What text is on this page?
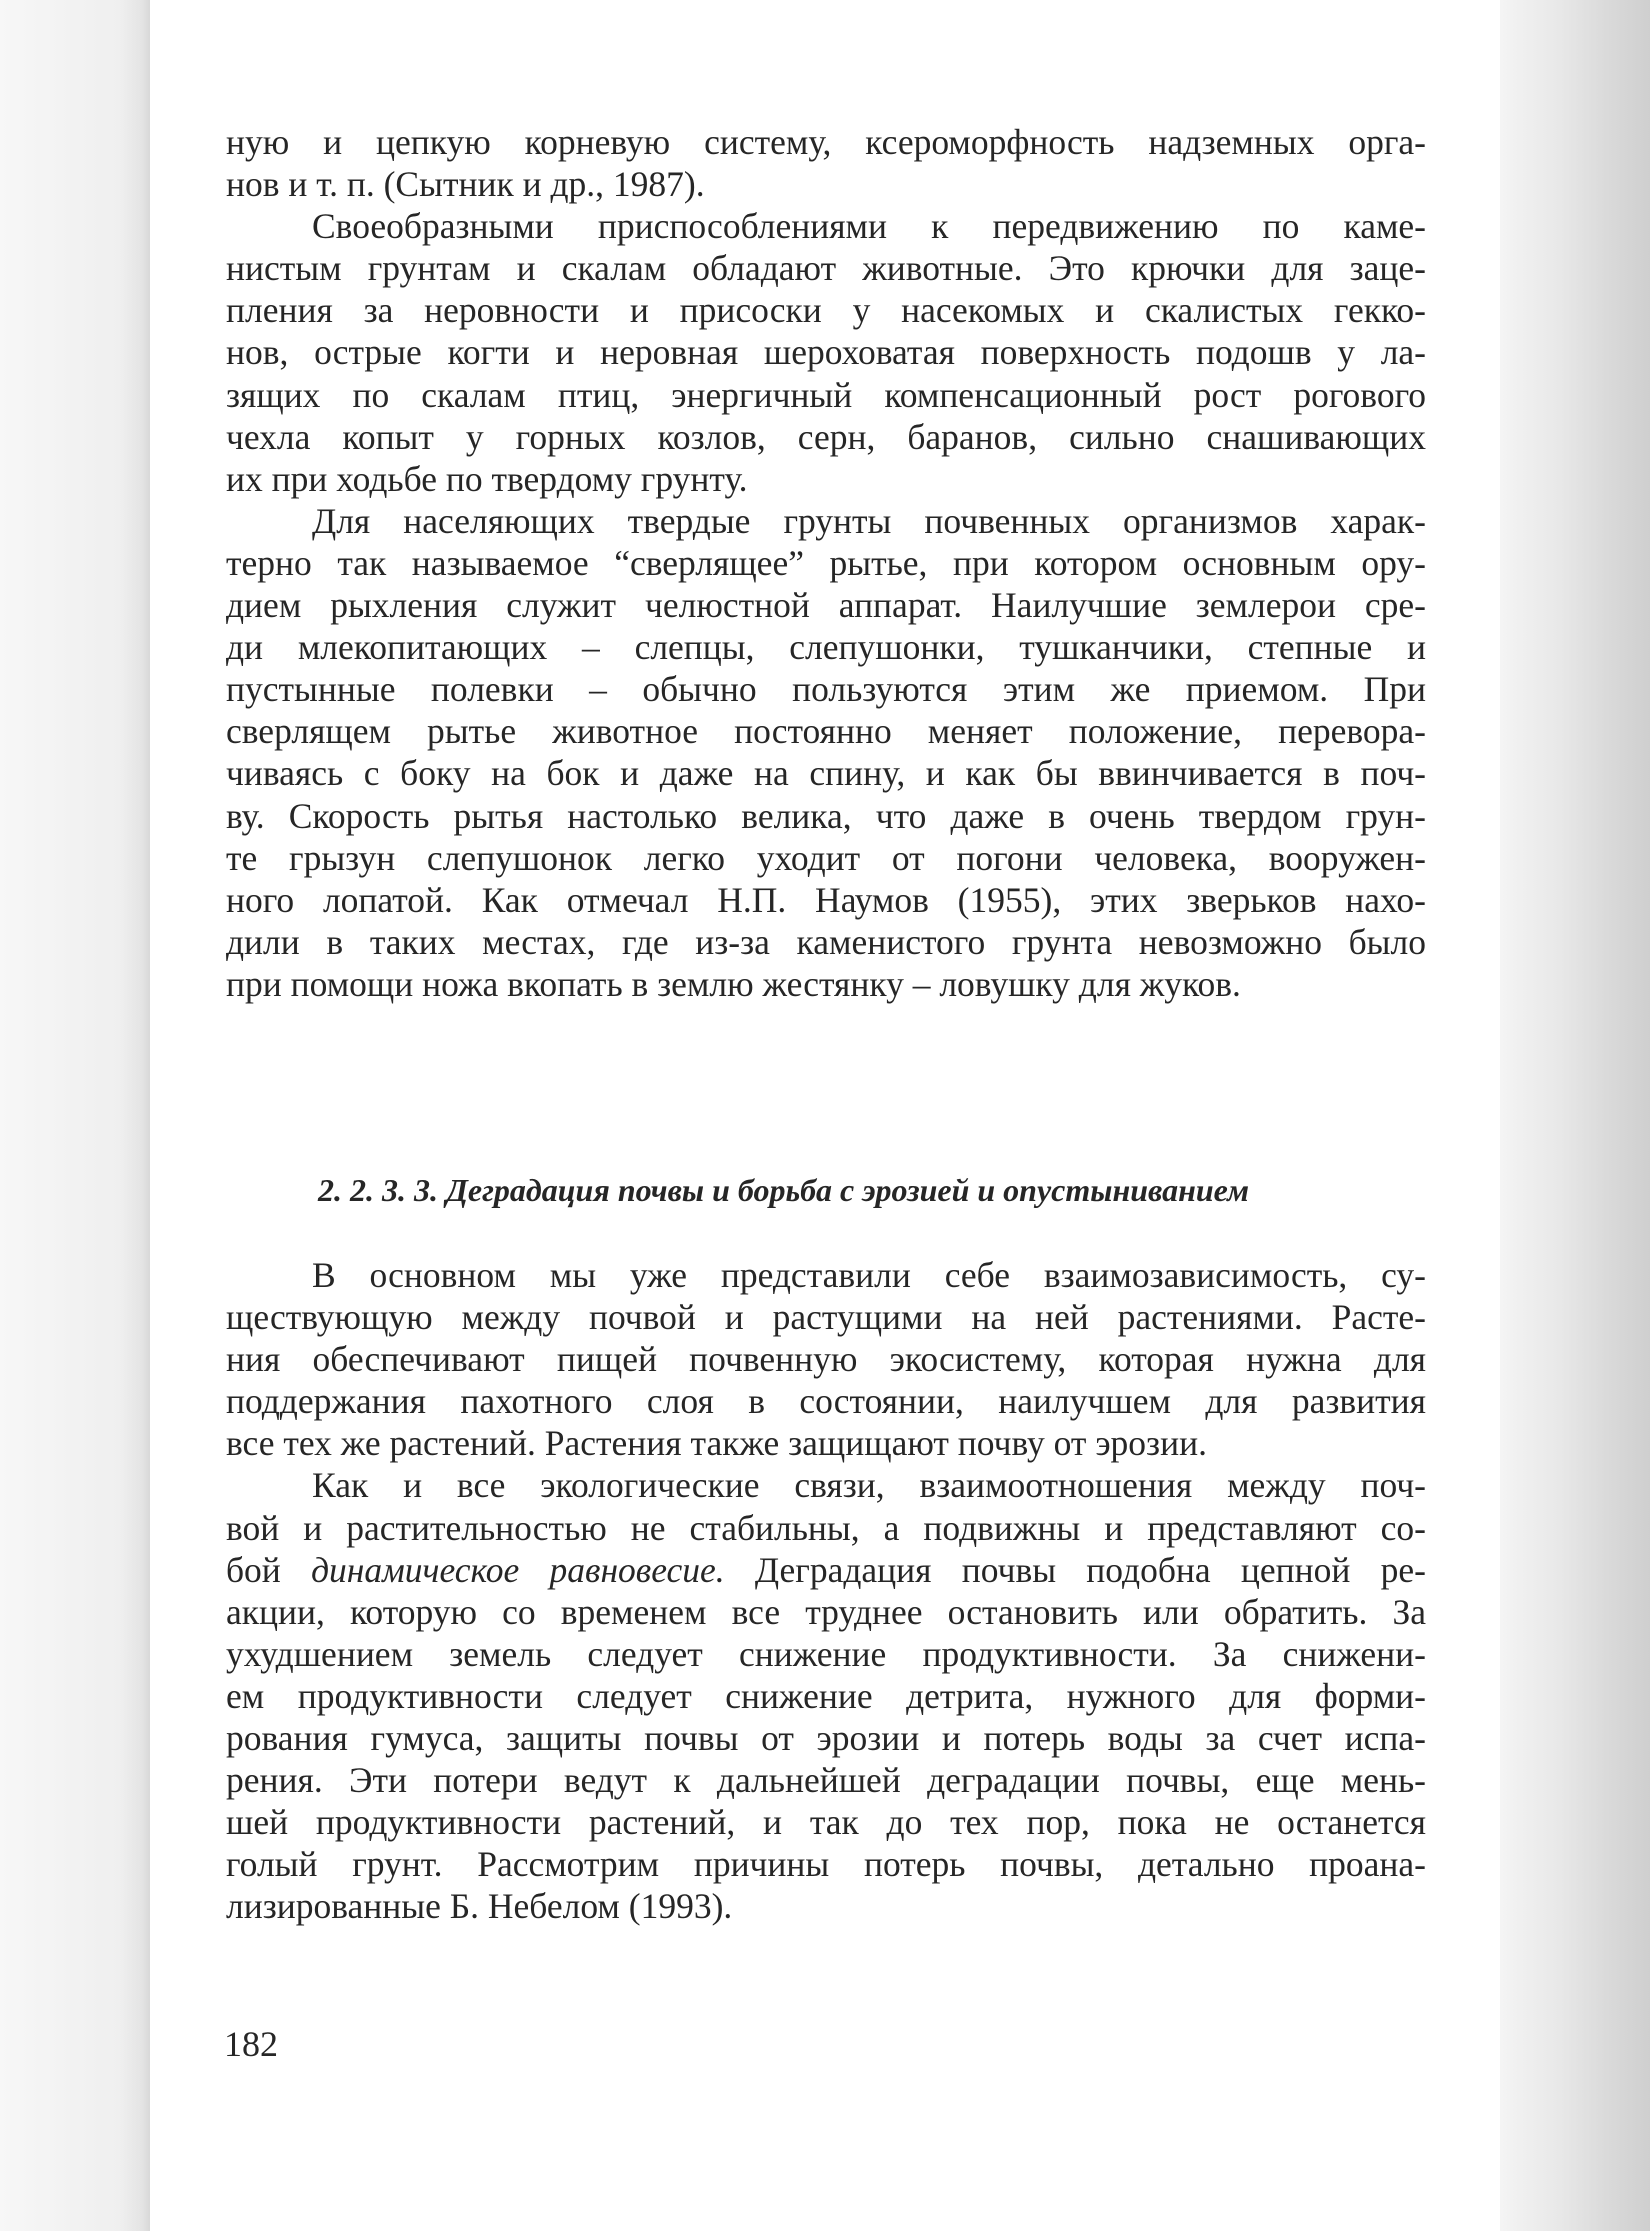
ную и цепкую корневую систему, ксероморфность надземных орга-
нов и т. п. (Сытник и др., 1987).
Своеобразными приспособлениями к передвижению по каме-
нистым грунтам и скалам обладают животные. Это крючки для заце-
пления за неровности и присоски у насекомых и скалистых гекко-
нов, острые когти и неровная шероховатая поверхность подошв у ла-
зящих по скалам птиц, энергичный компенсационный рост рогового
чехла копыт у горных козлов, серн, баранов, сильно снашивающих
их при ходьбе по твердому грунту.
Для населяющих твердые грунты почвенных организмов харак-
терно так называемое “сверлящее” рытье, при котором основным ору-
дием рыхления служит челюстной аппарат. Наилучшие землерои сре-
ди млекопитающих – слепцы, слепушонки, тушканчики, степные и
пустынные полевки – обычно пользуются этим же приемом. При
сверлящем рытье животное постоянно меняет положение, перевора-
чиваясь с боку на бок и даже на спину, и как бы ввинчивается в поч-
ву. Скорость рытья настолько велика, что даже в очень твердом грун-
те грызун слепушонок легко уходит от погони человека, вооружен-
ного лопатой. Как отмечал Н.П. Наумов (1955), этих зверьков нахо-
дили в таких местах, где из-за каменистого грунта невозможно было
при помощи ножа вкопать в землю жестянку – ловушку для жуков.
2. 2. 3. 3. Деградация почвы и борьба с эрозией и опустыниванием
В основном мы уже представили себе взаимозависимость, су-
ществующую между почвой и растущими на ней растениями. Расте-
ния обеспечивают пищей почвенную экосистему, которая нужна для
поддержания пахотного слоя в состоянии, наилучшем для развития
все тех же растений. Растения также защищают почву от эрозии.
Как и все экологические связи, взаимоотношения между поч-
вой и растительностью не стабильны, а подвижны и представляют со-
бой динамическое равновесие. Деградация почвы подобна цепной ре-
акции, которую со временем все труднее остановить или обратить. За
ухудшением земель следует снижение продуктивности. За снижени-
ем продуктивности следует снижение детрита, нужного для форми-
рования гумуса, защиты почвы от эрозии и потерь воды за счет испа-
рения. Эти потери ведут к дальнейшей деградации почвы, еще мень-
шей продуктивности растений, и так до тех пор, пока не останется
голый грунт. Рассмотрим причины потерь почвы, детально проана-
лизированные Б. Небелом (1993).
182
